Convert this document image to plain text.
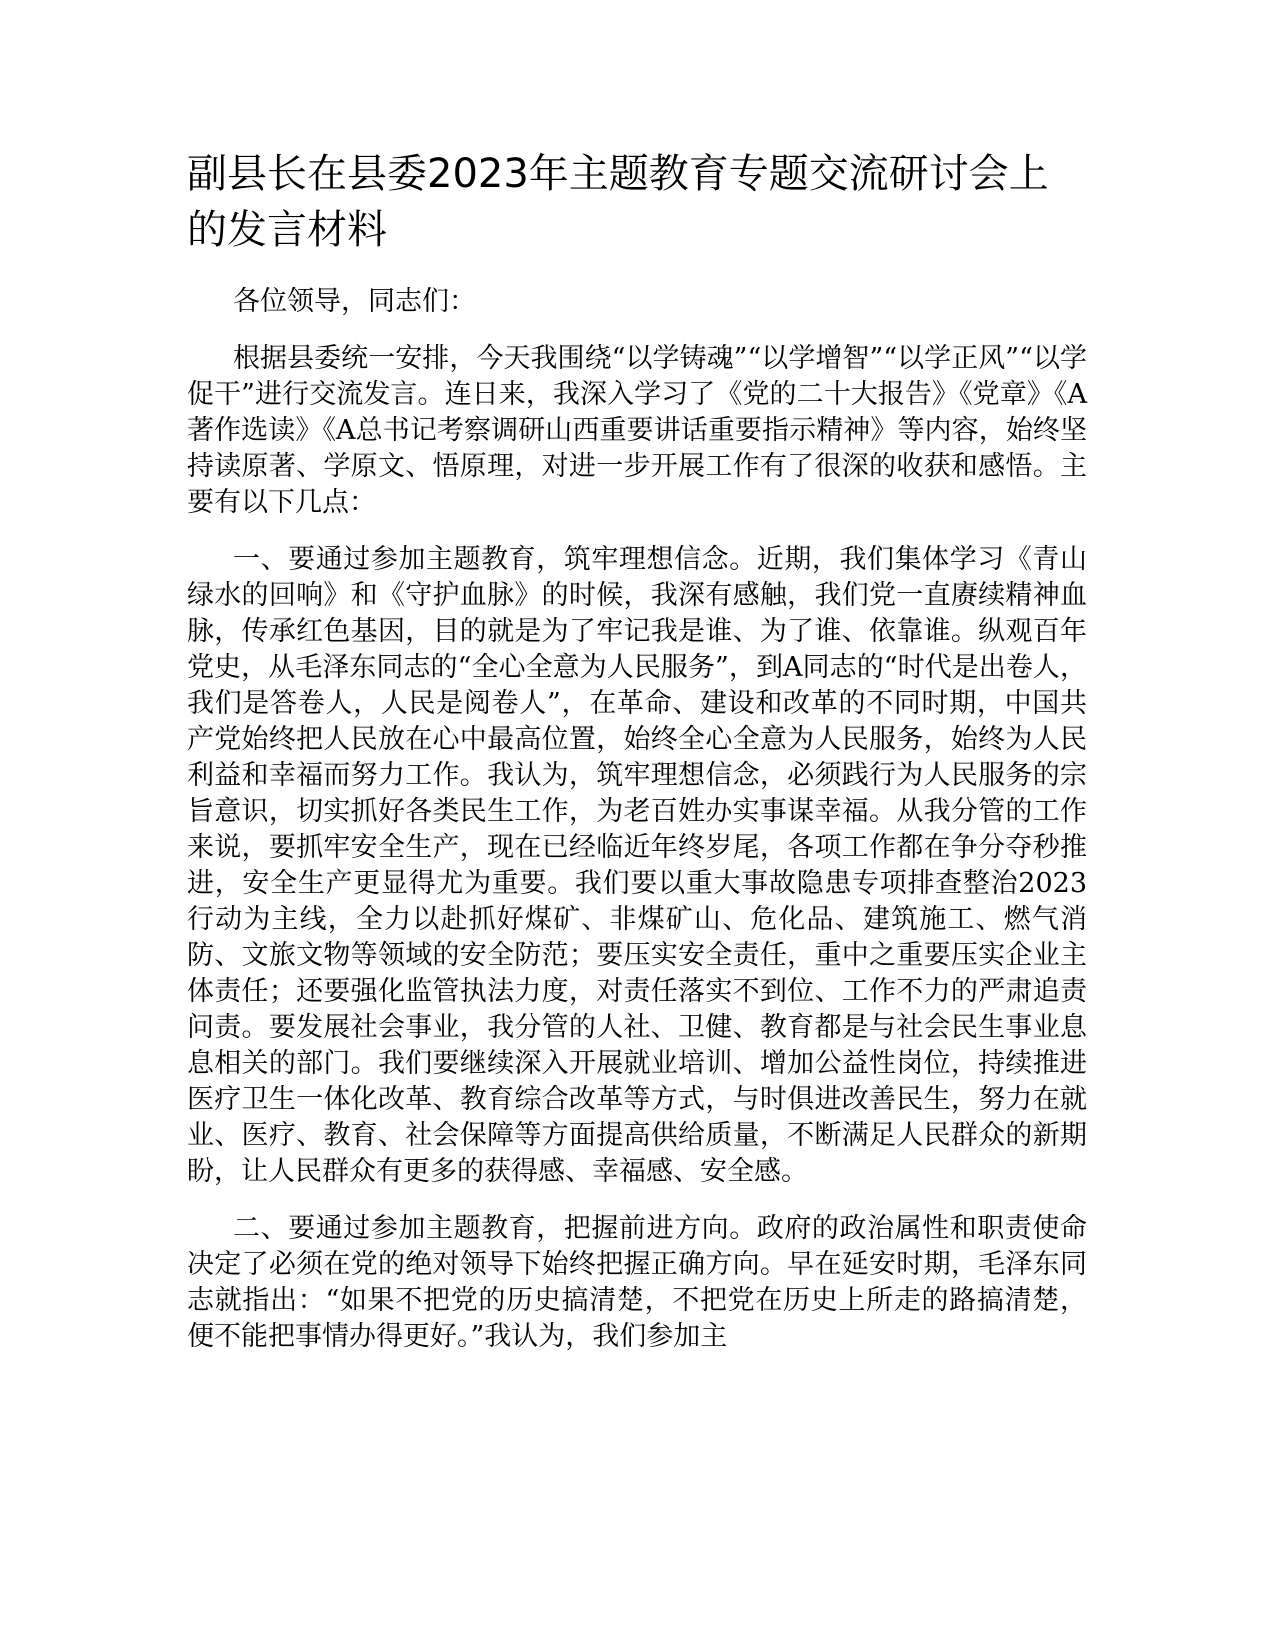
副县长在县委2023年主题教育专题交流研讨会上的发言材料

各位领导，同志们：

根据县委统一安排，今天我围绕“以学铸魂”“以学增智”“以学正风”“以学促干”进行交流发言。连日来，我深入学习了《党的二十大报告》《党章》《A著作选读》《A总书记考察调研山西重要讲话重要指示精神》等内容，始终坚持读原著、学原文、悟原理，对进一步开展工作有了很深的收获和感悟。主要有以下几点：

一、要通过参加主题教育，筑牢理想信念。近期，我们集体学习《青山绿水的回响》和《守护血脉》的时候，我深有感触，我们党一直赓续精神血脉，传承红色基因，目的就是为了牢记我是谁、为了谁、依靠谁。纵观百年党史，从毛泽东同志的“全心全意为人民服务”，到A同志的“时代是出卷人，我们是答卷人，人民是阅卷人”，在革命、建设和改革的不同时期，中国共产党始终把人民放在心中最高位置，始终全心全意为人民服务，始终为人民利益和幸福而努力工作。我认为，筑牢理想信念，必须践行为人民服务的宗旨意识，切实抓好各类民生工作，为老百姓办实事谋幸福。从我分管的工作来说，要抓牢安全生产，现在已经临近年终岁尾，各项工作都在争分夺秒推进，安全生产更显得尤为重要。我们要以重大事故隐患专项排查整治2023行动为主线，全力以赴抓好煤矿、非煤矿山、危化品、建筑施工、燃气消防、文旅文物等领域的安全防范；要压实安全责任，重中之重要压实企业主体责任；还要强化监管执法力度，对责任落实不到位、工作不力的严肃追责问责。要发展社会事业，我分管的人社、卫健、教育都是与社会民生事业息息相关的部门。我们要继续深入开展就业培训、增加公益性岗位，持续推进医疗卫生一体化改革、教育综合改革等方式，与时俱进改善民生，努力在就业、医疗、教育、社会保障等方面提高供给质量，不断满足人民群众的新期盼，让人民群众有更多的获得感、幸福感、安全感。

二、要通过参加主题教育，把握前进方向。政府的政治属性和职责使命决定了必须在党的绝对领导下始终把握正确方向。早在延安时期，毛泽东同志就指出：“如果不把党的历史搞清楚，不把党在历史上所走的路搞清楚，便不能把事情办得更好。”我认为，我们参加主
